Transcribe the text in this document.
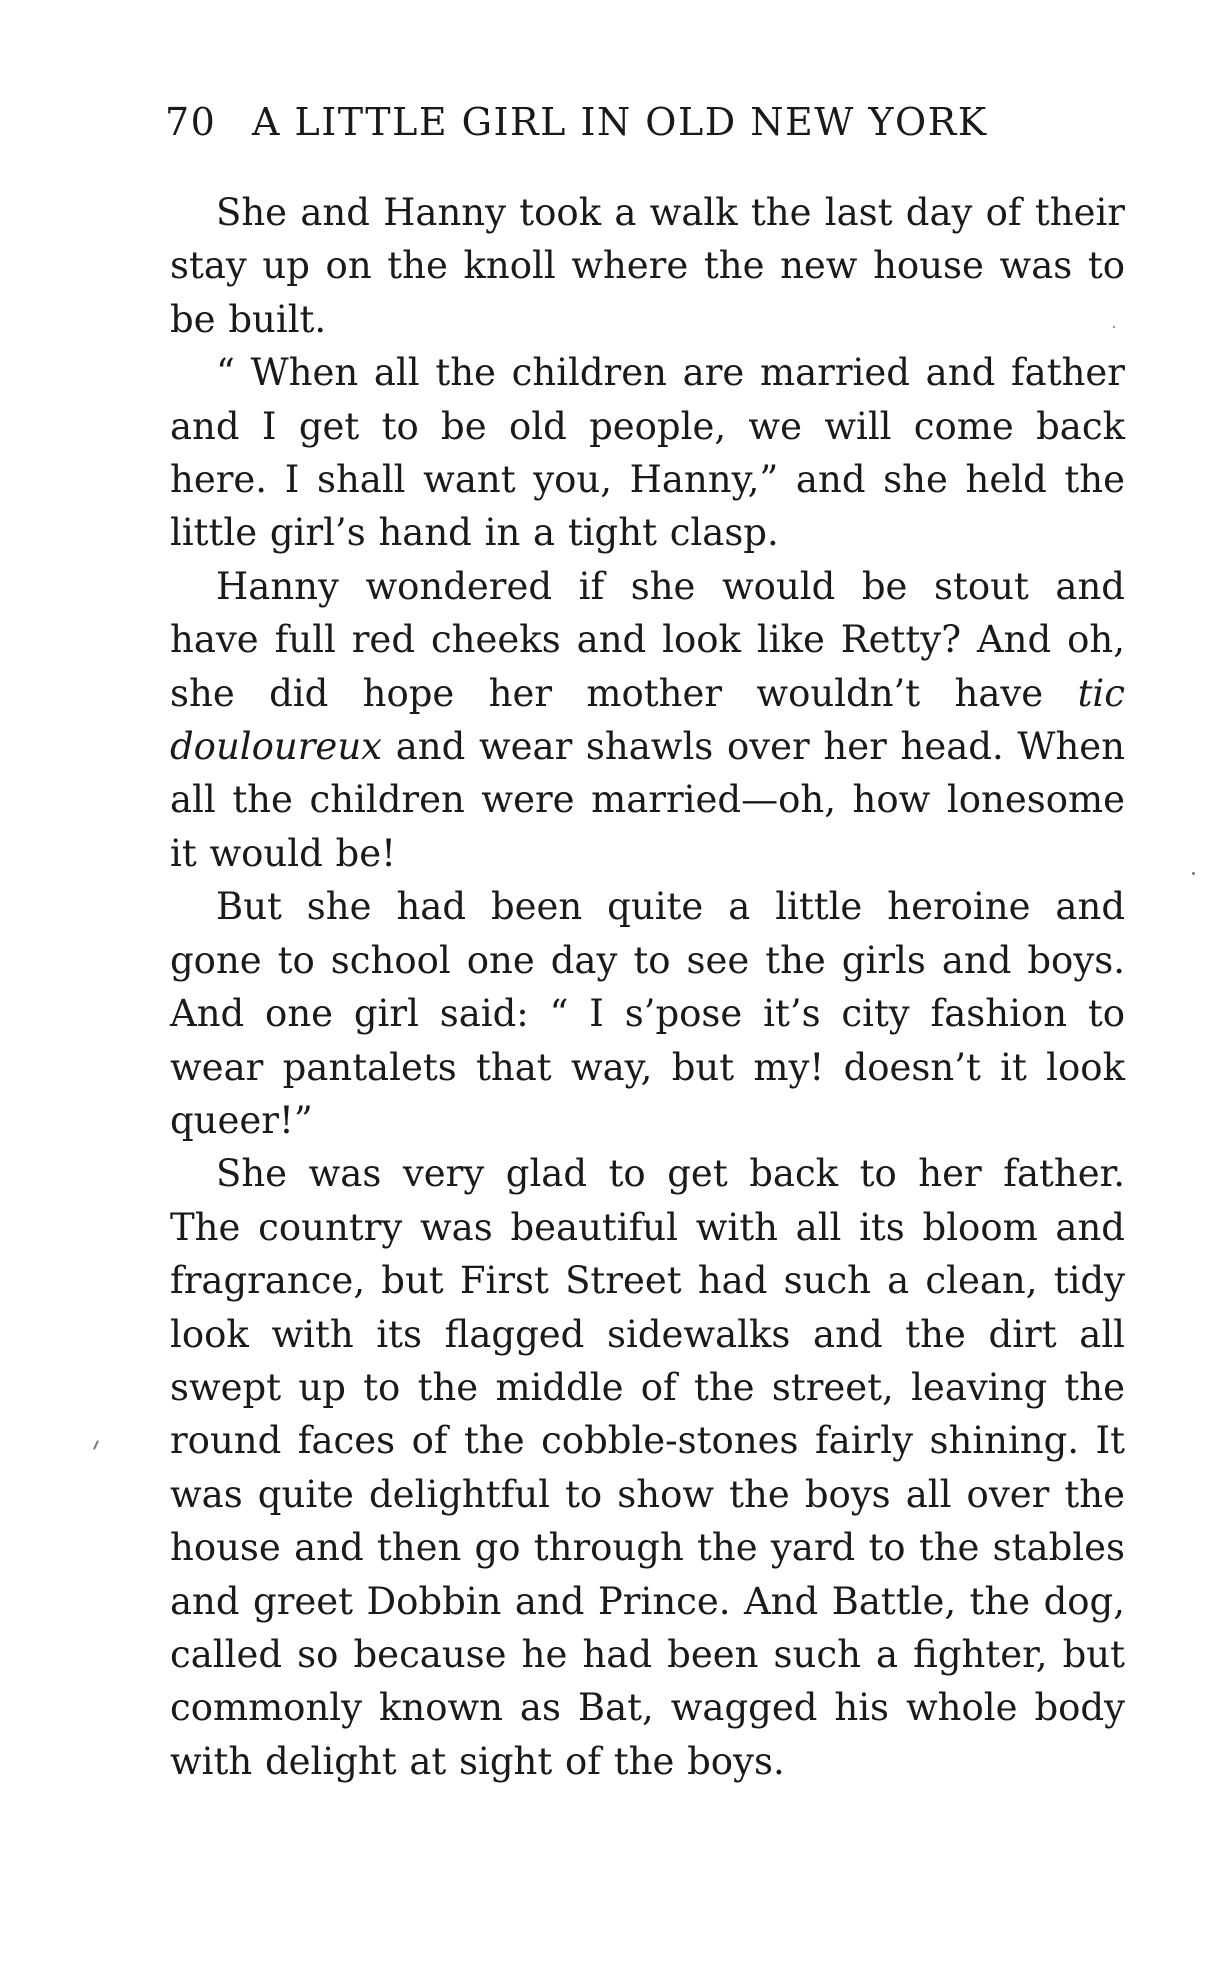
70 A LITTLE GIRL IN OLD NEW YORK

She and Hanny took a walk the last day of their stay up on the knoll where the new house was to be built.

“ When all the children are married and father and I get to be old people, we will come back here. I shall want you, Hanny,” and she held the little girl’s hand in a tight clasp.

Hanny wondered if she would be stout and have full red cheeks and look like Retty? And oh, she did hope her mother wouldn’t have tic douloureux and wear shawls over her head. When all the children were married—oh, how lonesome it would be!

But she had been quite a little heroine and gone to school one day to see the girls and boys. And one girl said: “ I s’pose it’s city fashion to wear pantalets that way, but my! doesn’t it look queer!”

She was very glad to get back to her father. The country was beautiful with all its bloom and fragrance, but First Street had such a clean, tidy look with its flagged sidewalks and the dirt all swept up to the middle of the street, leaving the round faces of the cobble-stones fairly shining. It was quite delightful to show the boys all over the house and then go through the yard to the stables and greet Dobbin and Prince. And Battle, the dog, called so because he had been such a fighter, but commonly known as Bat, wagged his whole body with delight at sight of the boys.
